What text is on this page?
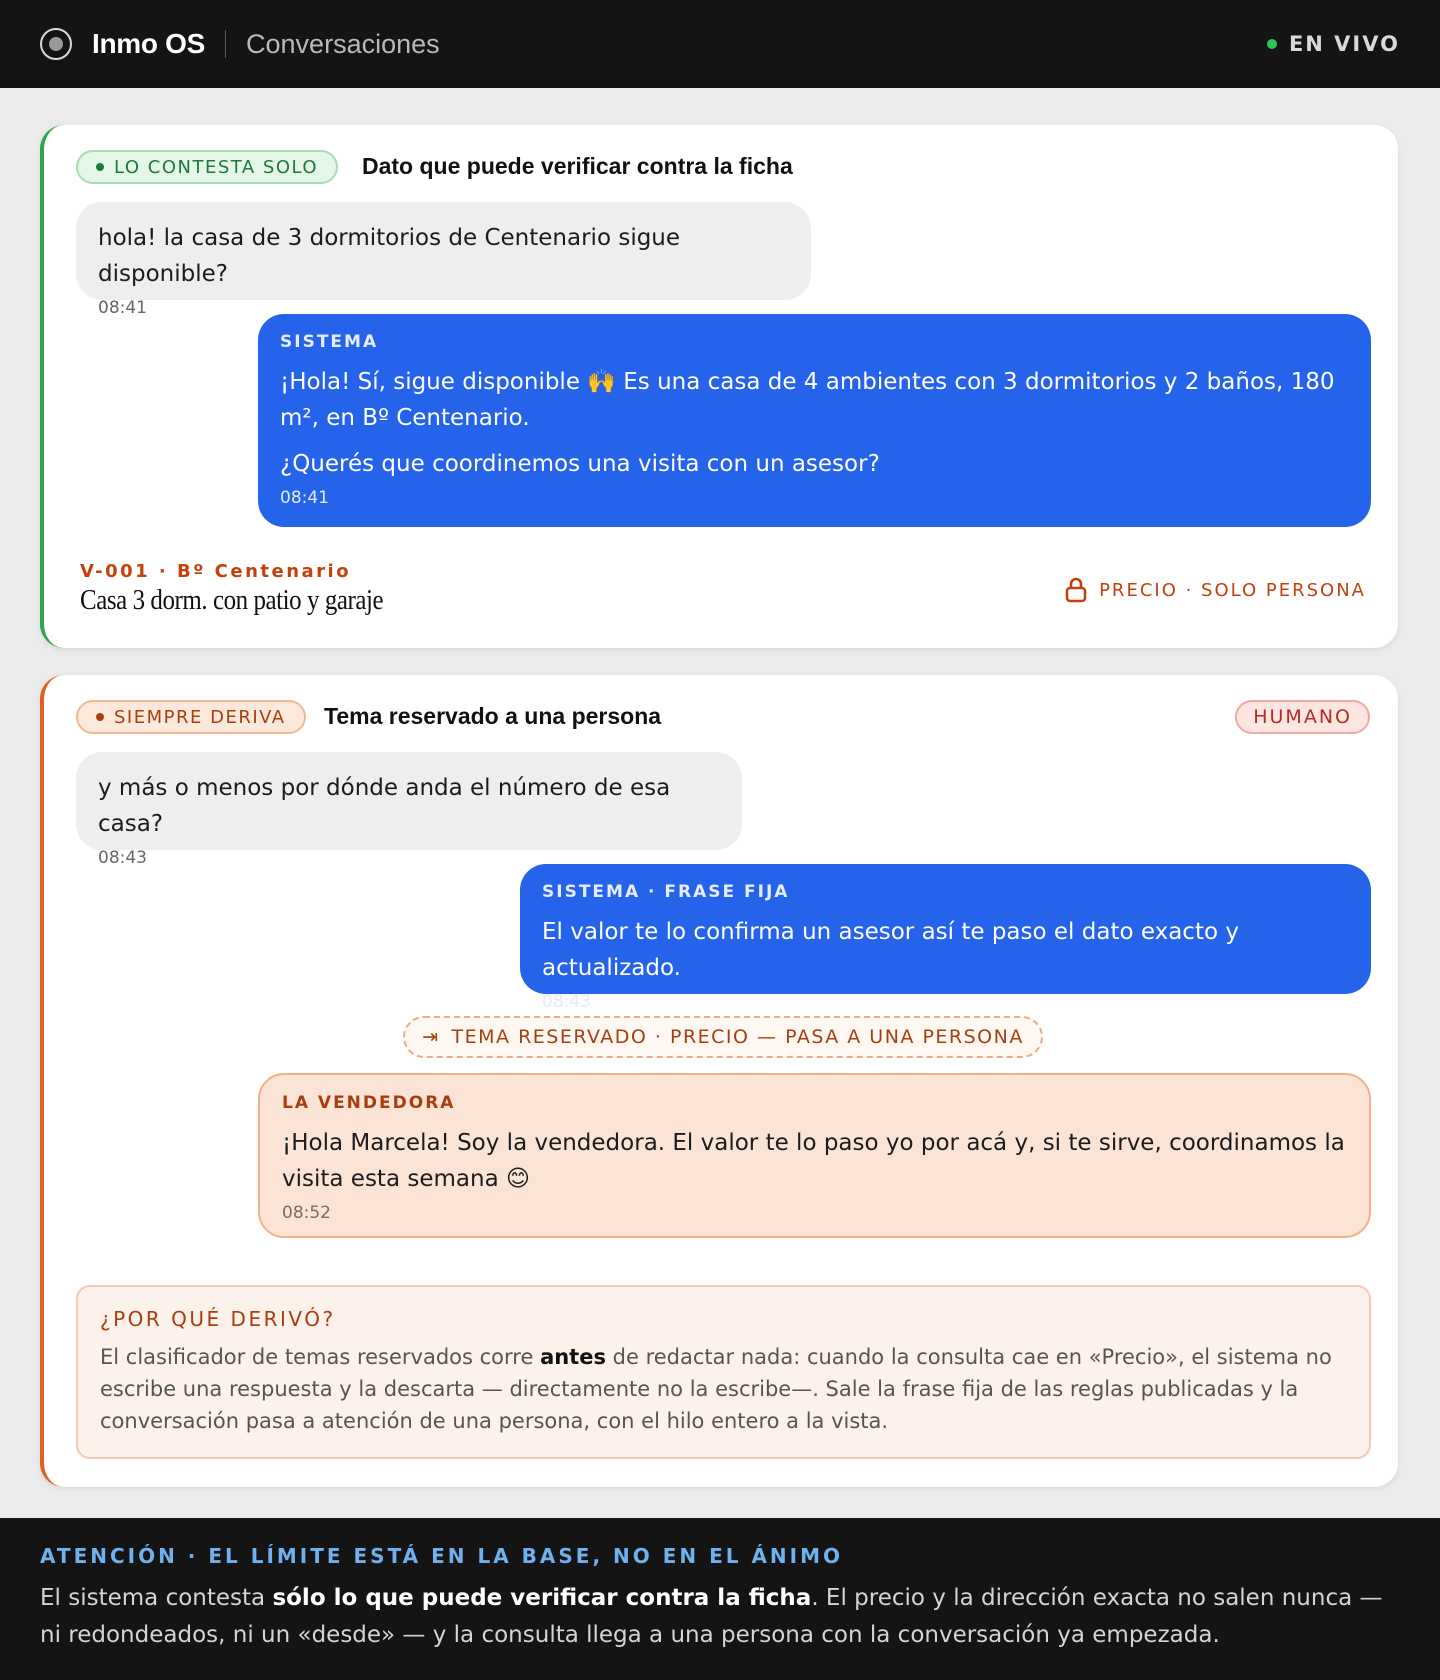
Inmo OS Conversaciones	EN VIVO
LO CONTESTA SOLO Dato que puede verificar contra la ficha
hola! la casa de 3 dormitorios de Centenario sigue disponible?
08:41
SISTEMA
¡Hola! Sí, sigue disponible 🙌 Es una casa de 4 ambientes con 3 dormitorios y 2 baños, 180 m², en Bº Centenario.
¿Querés que coordinemos una visita con un asesor?
08:41
V-001 · Bº Centenario
Casa 3 dorm. con patio y garaje	PRECIO · SOLO PERSONA
SIEMPRE DERIVA Tema reservado a una persona	HUMANO
y más o menos por dónde anda el número de esa casa?
08:43
SISTEMA · FRASE FIJA
El valor te lo confirma un asesor así te paso el dato exacto y actualizado.
08:43
⇥ TEMA RESERVADO · PRECIO — PASA A UNA PERSONA
LA VENDEDORA
¡Hola Marcela! Soy la vendedora. El valor te lo paso yo por acá y, si te sirve, coordinamos la visita esta semana 😊
08:52
¿POR QUÉ DERIVÓ?
El clasificador de temas reservados corre antes de redactar nada: cuando la consulta cae en «Precio», el sistema no escribe una respuesta y la descarta — directamente no la escribe—. Sale la frase fija de las reglas publicadas y la conversación pasa a atención de una persona, con el hilo entero a la vista.
ATENCIÓN · EL LÍMITE ESTÁ EN LA BASE, NO EN EL ÁNIMO
El sistema contesta sólo lo que puede verificar contra la ficha. El precio y la dirección exacta no salen nunca — ni redondeados, ni un «desde» — y la consulta llega a una persona con la conversación ya empezada.
